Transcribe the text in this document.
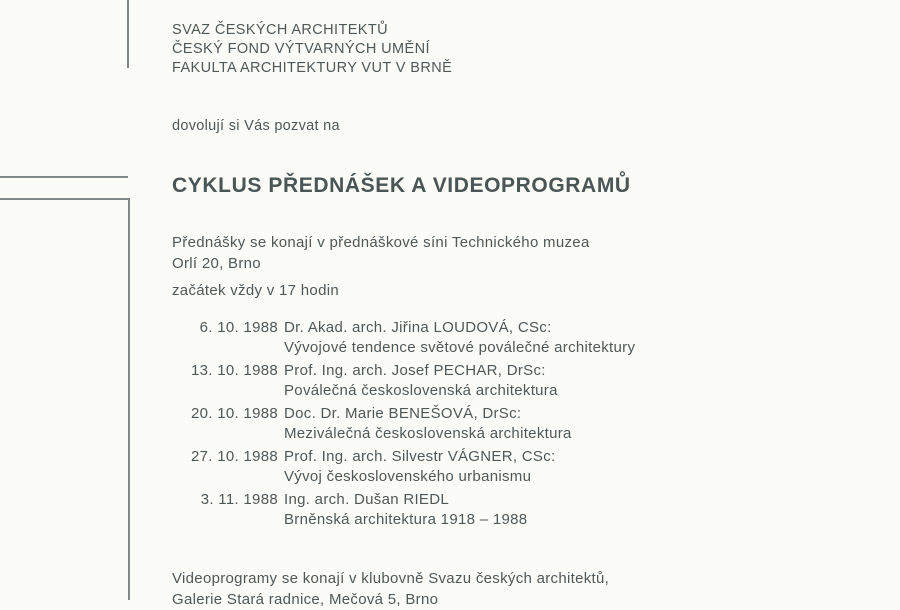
SVAZ ČESKÝCH ARCHITEKTŮ
ČESKÝ FOND VÝTVARNÝCH UMĚNÍ
FAKULTA ARCHITEKTURY VUT V BRNĚ
dovolují si Vás pozvat na
CYKLUS PŘEDNÁŠEK A VIDEOPROGRAMŮ
Přednášky se konají v přednáškové síni Technického muzea
Orlí 20, Brno
začátek vždy v 17 hodin
6. 10. 1988 Dr. Akad. arch. Jiřina LOUDOVÁ, CSc:
Vývojové tendence světové poválečné architektury
13. 10. 1988 Prof. Ing. arch. Josef PECHAR, DrSc:
Poválečná československá architektura
20. 10. 1988 Doc. Dr. Marie BENEŠOVÁ, DrSc:
Meziválečná československá architektura
27. 10. 1988 Prof. Ing. arch. Silvestr VÁGNER, CSc:
Vývoj československého urbanismu
3. 11. 1988 Ing. arch. Dušan RIEDL
Brněnská architektura 1918 – 1988
Videoprogramy se konají v klubovně Svazu českých architektů,
Galerie Stará radnice, Mečová 5, Brno
